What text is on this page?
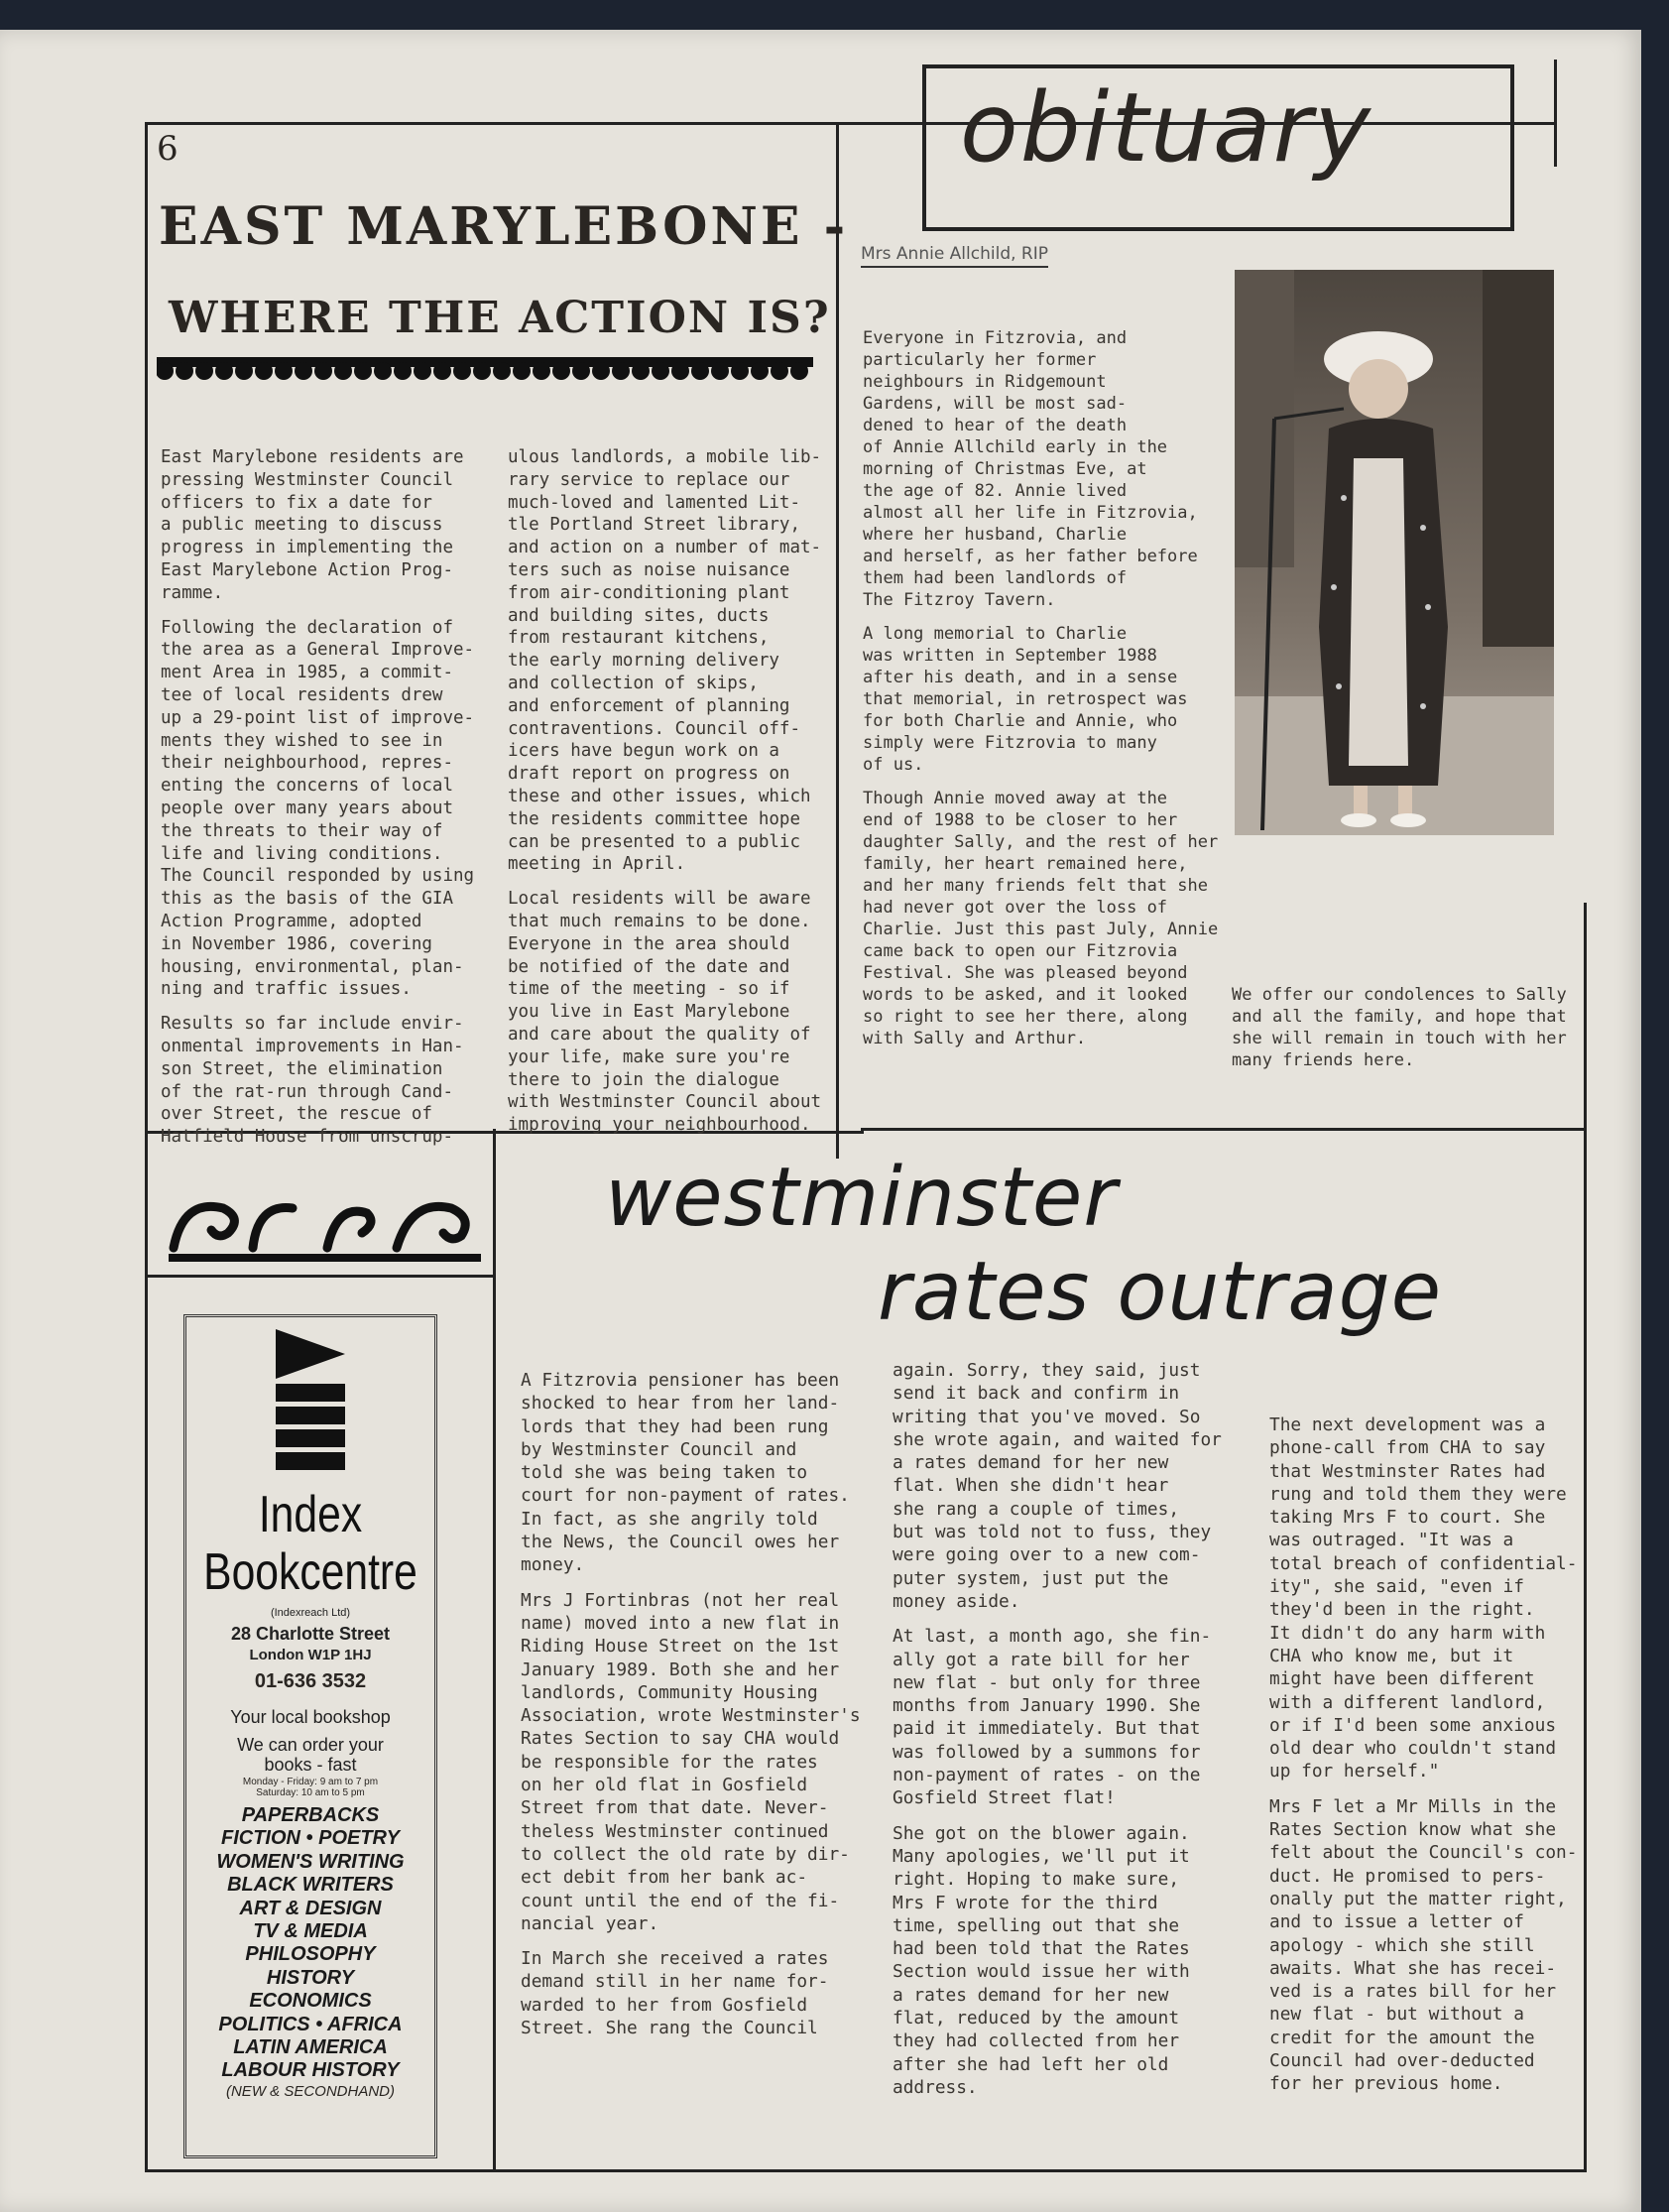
6
EAST MARYLEBONE -
WHERE THE ACTION IS?

East Marylebone residents are
pressing Westminster Council
officers to fix a date for
a public meeting to discuss
progress in implementing the
East Marylebone Action Prog-
ramme.

Following the declaration of
the area as a General Improve-
ment Area in 1985, a commit-
tee of local residents drew
up a 29-point list of improve-
ments they wished to see in
their neighbourhood, repres-
enting the concerns of local
people over many years about
the threats to their way of
life and living conditions.
The Council responded by using
this as the basis of the GIA
Action Programme, adopted
in November 1986, covering
housing, environmental, plan-
ning and traffic issues.

Results so far include envir-
onmental improvements in Han-
son Street, the elimination
of the rat-run through Cand-
over Street, the rescue of
Hatfield House from unscrup-

ulous landlords, a mobile lib-
rary service to replace our
much-loved and lamented Lit-
tle Portland Street library,
and action on a number of mat-
ters such as noise nuisance
from air-conditioning plant
and building sites, ducts
from restaurant kitchens,
the early morning delivery
and collection of skips,
and enforcement of planning
contraventions. Council off-
icers have begun work on a
draft report on progress on
these and other issues, which
the residents committee hope
can be presented to a public
meeting in April.

Local residents will be aware
that much remains to be done.
Everyone in the area should
be notified of the date and
time of the meeting - so if
you live in East Marylebone
and care about the quality of
your life, make sure you're
there to join the dialogue
with Westminster Council about
improving your neighbourhood.

obituary
Mrs Annie Allchild, RIP

Everyone in Fitzrovia, and
particularly her former
neighbours in Ridgemount
Gardens, will be most sad-
dened to hear of the death
of Annie Allchild early in the
morning of Christmas Eve, at
the age of 82. Annie lived
almost all her life in Fitzrovia,
where her husband, Charlie
and herself, as her father before
them had been landlords of
The Fitzroy Tavern.

A long memorial to Charlie
was written in September 1988
after his death, and in a sense
that memorial, in retrospect was
for both Charlie and Annie, who
simply were Fitzrovia to many
of us.

Though Annie moved away at the
end of 1988 to be closer to her
daughter Sally, and the rest of her
family, her heart remained here,
and her many friends felt that she
had never got over the loss of
Charlie. Just this past July, Annie
came back to open our Fitzrovia
Festival. She was pleased beyond
words to be asked, and it looked
so right to see her there, along
with Sally and Arthur.

We offer our condolences to Sally
and all the family, and hope that
she will remain in touch with her
many friends here.

Index
Bookcentre
(Indexreach Ltd)
28 Charlotte Street
London W1P 1HJ
01-636 3532
Your local bookshop
We can order your
books - fast
Monday - Friday: 9 am to 7 pm
Saturday: 10 am to 5 pm
PAPERBACKS
FICTION • POETRY
WOMEN'S WRITING
BLACK WRITERS
ART & DESIGN
TV & MEDIA
PHILOSOPHY
HISTORY
ECONOMICS
POLITICS • AFRICA
LATIN AMERICA
LABOUR HISTORY
(NEW & SECONDHAND)
westminster
rates outrage

A Fitzrovia pensioner has been
shocked to hear from her land-
lords that they had been rung
by Westminster Council and
told she was being taken to
court for non-payment of rates.
In fact, as she angrily told
the News, the Council owes her
money.

Mrs J Fortinbras (not her real
name) moved into a new flat in
Riding House Street on the 1st
January 1989. Both she and her
landlords, Community Housing
Association, wrote Westminster's
Rates Section to say CHA would
be responsible for the rates
on her old flat in Gosfield
Street from that date. Never-
theless Westminster continued
to collect the old rate by dir-
ect debit from her bank ac-
count until the end of the fi-
nancial year.

In March she received a rates
demand still in her name for-
warded to her from Gosfield
Street. She rang the Council

again. Sorry, they said, just
send it back and confirm in
writing that you've moved. So
she wrote again, and waited for
a rates demand for her new
flat. When she didn't hear
she rang a couple of times,
but was told not to fuss, they
were going over to a new com-
puter system, just put the
money aside.

At last, a month ago, she fin-
ally got a rate bill for her
new flat - but only for three
months from January 1990. She
paid it immediately. But that
was followed by a summons for
non-payment of rates - on the
Gosfield Street flat!

She got on the blower again.
Many apologies, we'll put it
right. Hoping to make sure,
Mrs F wrote for the third
time, spelling out that she
had been told that the Rates
Section would issue her with
a rates demand for her new
flat, reduced by the amount
they had collected from her
after she had left her old
address.

The next development was a
phone-call from CHA to say
that Westminster Rates had
rung and told them they were
taking Mrs F to court. She
was outraged. "It was a
total breach of confidential-
ity", she said, "even if
they'd been in the right.
It didn't do any harm with
CHA who know me, but it
might have been different
with a different landlord,
or if I'd been some anxious
old dear who couldn't stand
up for herself."

Mrs F let a Mr Mills in the
Rates Section know what she
felt about the Council's con-
duct. He promised to pers-
onally put the matter right,
and to issue a letter of
apology - which she still
awaits. What she has recei-
ved is a rates bill for her
new flat - but without a
credit for the amount the
Council had over-deducted
for her previous home.
